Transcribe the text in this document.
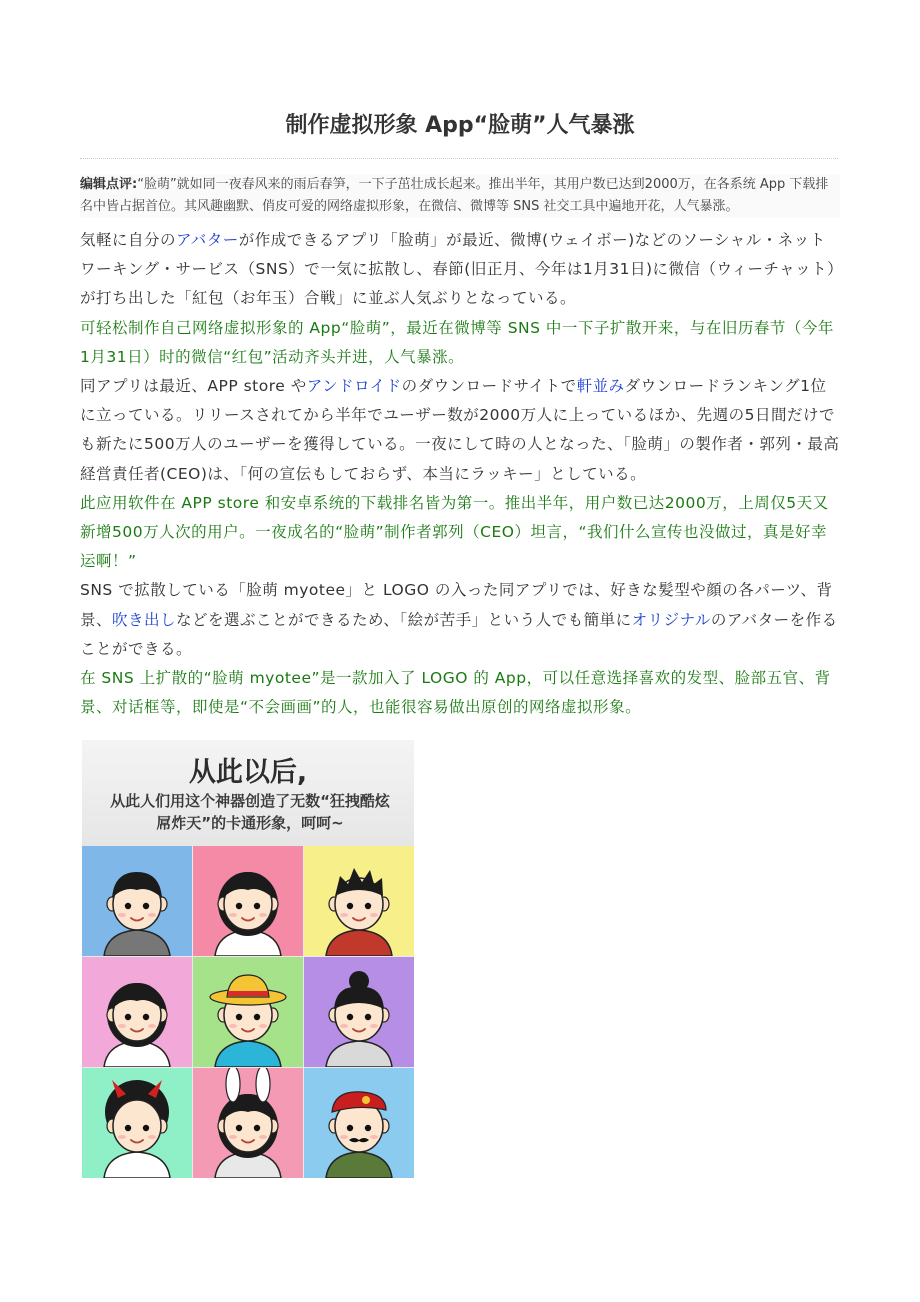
制作虚拟形象 App“脸萌”人气暴涨
编辑点评:“脸萌”就如同一夜春风来的雨后春笋，一下子茁壮成长起来。推出半年，其用户数已达到2000万，在各系统 App 下载排名中皆占据首位。其风趣幽默、俏皮可爱的网络虚拟形象，在微信、微博等 SNS 社交工具中遍地开花，人气暴涨。

気軽に自分のアバターが作成できるアプリ「脸萌」が最近、微博(ウェイボー)などのソーシャル・ネットワーキング・サービス（SNS）で一気に拡散し、春節(旧正月、今年は1月31日)に微信（ウィーチャット）が打ち出した「紅包（お年玉）合戦」に並ぶ人気ぶりとなっている。

可轻松制作自己网络虚拟形象的 App“脸萌”，最近在微博等 SNS 中一下子扩散开来，与在旧历春节（今年1月31日）时的微信“红包”活动齐头并进，人气暴涨。

同アプリは最近、APP store やアンドロイドのダウンロードサイトで軒並みダウンロードランキング1位に立っている。リリースされてから半年でユーザー数が2000万人に上っているほか、先週の5日間だけでも新たに500万人のユーザーを獲得している。一夜にして時の人となった、「脸萌」の製作者・郭列・最高経営責任者(CEO)は、「何の宣伝もしておらず、本当にラッキー」としている。

此应用软件在 APP store 和安卓系统的下载排名皆为第一。推出半年，用户数已达2000万，上周仅5天又新增500万人次的用户。一夜成名的“脸萌”制作者郭列（CEO）坦言，“我们什么宣传也没做过，真是好幸运啊！”

SNS で拡散している「脸萌 myotee」と LOGO の入った同アプリでは、好きな髪型や顔の各パーツ、背景、吹き出しなどを選ぶことができるため、「絵が苦手」という人でも簡単にオリジナルのアバターを作ることができる。

在 SNS 上扩散的“脸萌 myotee”是一款加入了 LOGO 的 App，可以任意选择喜欢的发型、脸部五官、背景、对话框等，即使是“不会画画”的人，也能很容易做出原创的网络虚拟形象。

从此以后,
从此人们用这个神器创造了无数“狂拽酷炫屌炸天”的卡通形象，呵呵~
